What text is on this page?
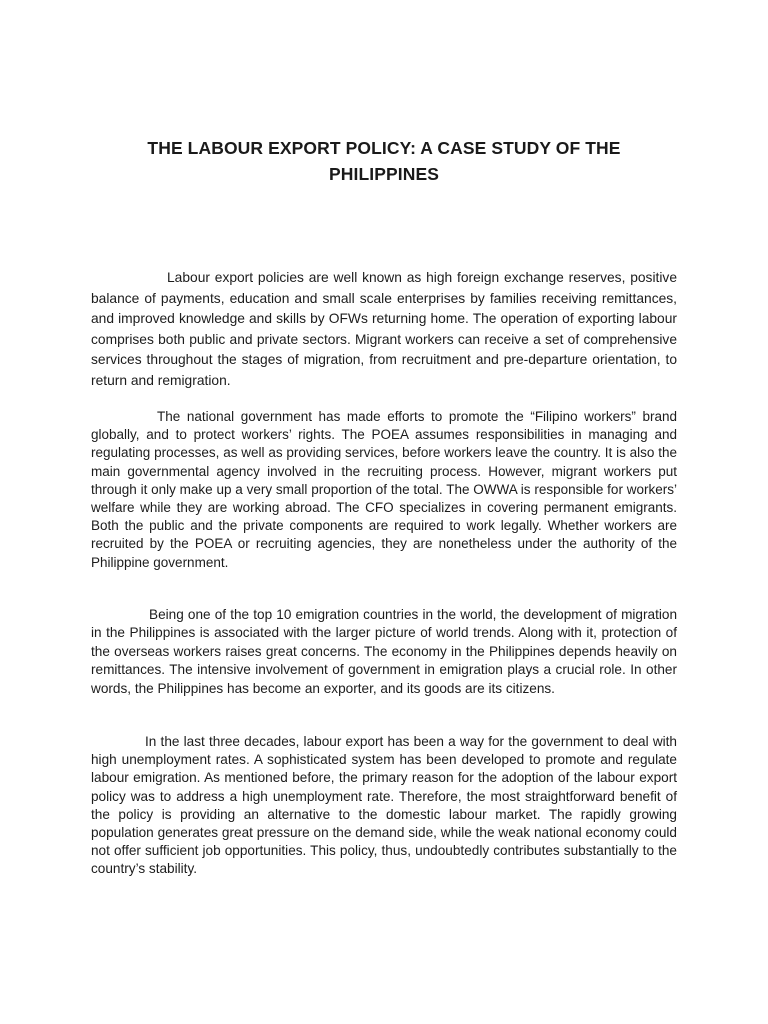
THE LABOUR EXPORT POLICY: A CASE STUDY OF THE PHILIPPINES

Labour export policies are well known as high foreign exchange reserves, positive balance of payments, education and small scale enterprises by families receiving remittances, and improved knowledge and skills by OFWs returning home. The operation of exporting labour comprises both public and private sectors. Migrant workers can receive a set of comprehensive services throughout the stages of migration, from recruitment and pre-departure orientation, to return and remigration.

The national government has made efforts to promote the “Filipino workers” brand globally, and to protect workers’ rights. The POEA assumes responsibilities in managing and regulating processes, as well as providing services, before workers leave the country. It is also the main governmental agency involved in the recruiting process. However, migrant workers put through it only make up a very small proportion of the total. The OWWA is responsible for workers’ welfare while they are working abroad. The CFO specializes in covering permanent emigrants. Both the public and the private components are required to work legally. Whether workers are recruited by the POEA or recruiting agencies, they are nonetheless under the authority of the Philippine government.

Being one of the top 10 emigration countries in the world, the development of migration in the Philippines is associated with the larger picture of world trends. Along with it, protection of the overseas workers raises great concerns. The economy in the Philippines depends heavily on remittances. The intensive involvement of government in emigration plays a crucial role. In other words, the Philippines has become an exporter, and its goods are its citizens.

In the last three decades, labour export has been a way for the government to deal with high unemployment rates. A sophisticated system has been developed to promote and regulate labour emigration. As mentioned before, the primary reason for the adoption of the labour export policy was to address a high unemployment rate. Therefore, the most straightforward benefit of the policy is providing an alternative to the domestic labour market. The rapidly growing population generates great pressure on the demand side, while the weak national economy could not offer sufficient job opportunities. This policy, thus, undoubtedly contributes substantially to the country’s stability.
